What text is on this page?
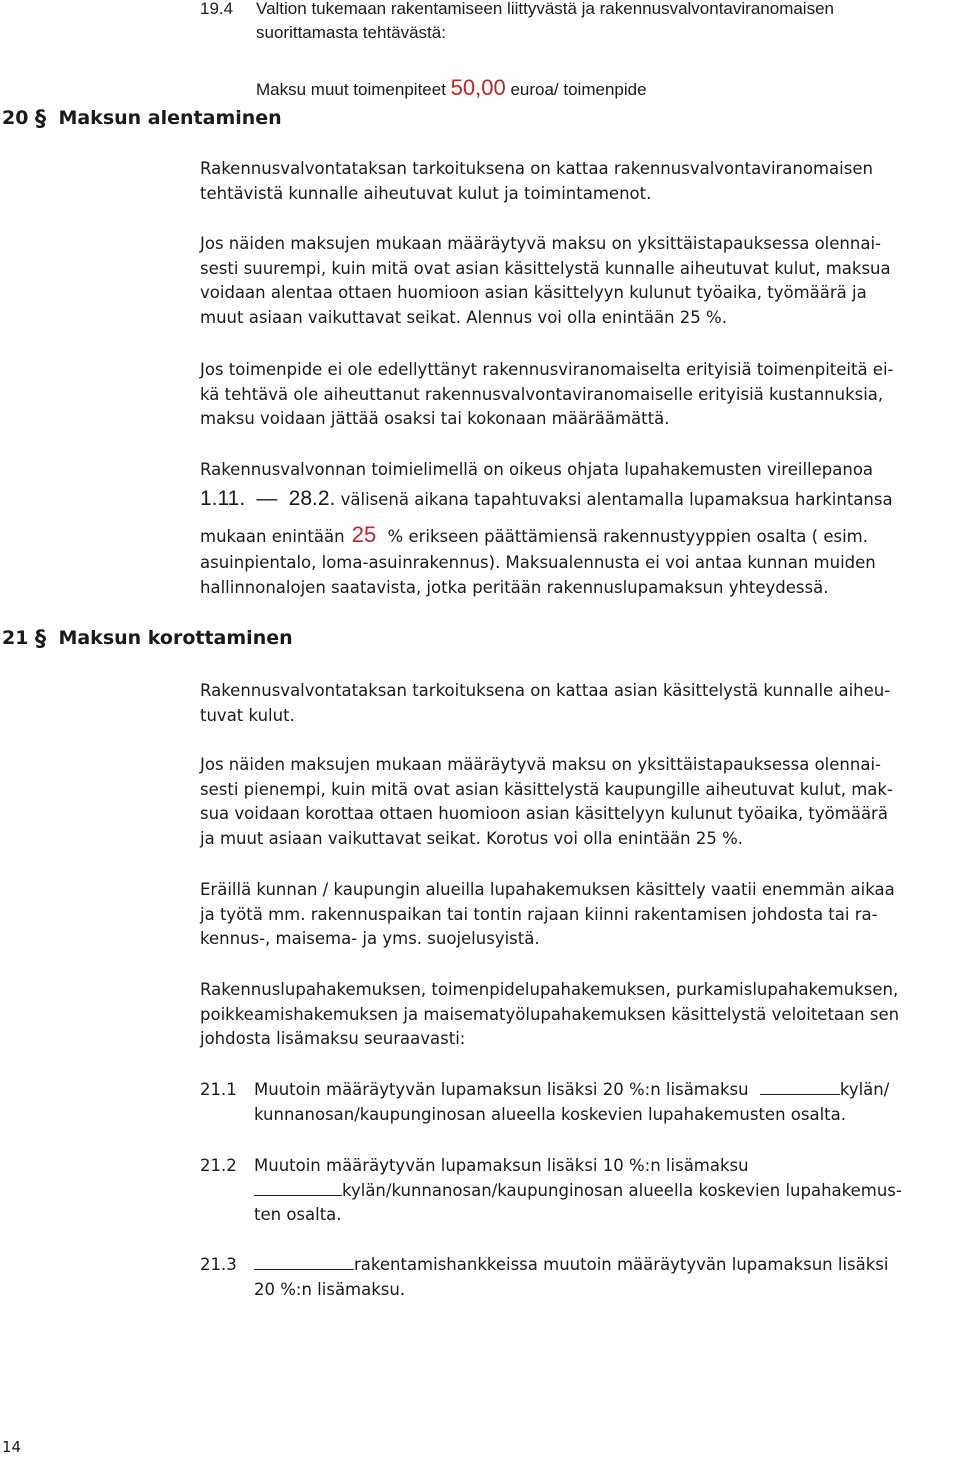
19.4 Valtion tukemaan rakentamiseen liittyvästä ja rakennusvalvontaviranomaisen
suorittamasta tehtävästä:
Maksu muut toimenpiteet 50,00 euroa/ toimenpide
20 § Maksun alentaminen
Rakennusvalvontataksan tarkoituksena on kattaa rakennusvalvontaviranomaisen
tehtävistä kunnalle aiheutuvat kulut ja toimintamenot.
Jos näiden maksujen mukaan määräytyvä maksu on yksittäistapauksessa olennai-
sesti suurempi, kuin mitä ovat asian käsittelystä kunnalle aiheutuvat kulut, maksua
voidaan alentaa ottaen huomioon asian käsittelyyn kulunut työaika, työmäärä ja
muut asiaan vaikuttavat seikat. Alennus voi olla enintään 25 %.
Jos toimenpide ei ole edellyttänyt rakennusviranomaiselta erityisiä toimenpiteitä ei-
kä tehtävä ole aiheuttanut rakennusvalvontaviranomaiselle erityisiä kustannuksia,
maksu voidaan jättää osaksi tai kokonaan määräämättä.
Rakennusvalvonnan toimielimellä on oikeus ohjata lupahakemusten vireillepanoa
1.11. — 28.2. välisenä aikana tapahtuvaksi alentamalla lupamaksua harkintansa
mukaan enintään 25 % erikseen päättämiensä rakennustyyppien osalta ( esim.
asuinpientalo, loma-asuinrakennus). Maksualennusta ei voi antaa kunnan muiden
hallinnonalojen saatavista, jotka peritään rakennuslupamaksun yhteydessä.
21 § Maksun korottaminen
Rakennusvalvontataksan tarkoituksena on kattaa asian käsittelystä kunnalle aiheu-
tuvat kulut.
Jos näiden maksujen mukaan määräytyvä maksu on yksittäistapauksessa olennai-
sesti pienempi, kuin mitä ovat asian käsittelystä kaupungille aiheutuvat kulut, mak-
sua voidaan korottaa ottaen huomioon asian käsittelyyn kulunut työaika, työmäärä
ja muut asiaan vaikuttavat seikat. Korotus voi olla enintään 25 %.
Eräillä kunnan / kaupungin alueilla lupahakemuksen käsittely vaatii enemmän aikaa
ja työtä mm. rakennuspaikan tai tontin rajaan kiinni rakentamisen johdosta tai ra-
kennus-, maisema- ja yms. suojelusyistä.
Rakennuslupahakemuksen, toimenpidelupahakemuksen, purkamislupahakemuksen,
poikkeamishakemuksen ja maisematyölupahakemuksen käsittelystä veloitetaan sen
johdosta lisämaksu seuraavasti:
21.1 Muutoin määräytyvän lupamaksun lisäksi 20 %:n lisämaksu	kylän/
kunnanosan/kaupunginosan alueella koskevien lupahakemusten osalta.
21.2 Muutoin määräytyvän lupamaksun lisäksi 10 %:n lisämaksu
kylän/kunnanosan/kaupunginosan alueella koskevien lupahakemus-
ten osalta.
21.3	rakentamishankkeissa muutoin määräytyvän lupamaksun lisäksi
20 %:n lisämaksu.
14
